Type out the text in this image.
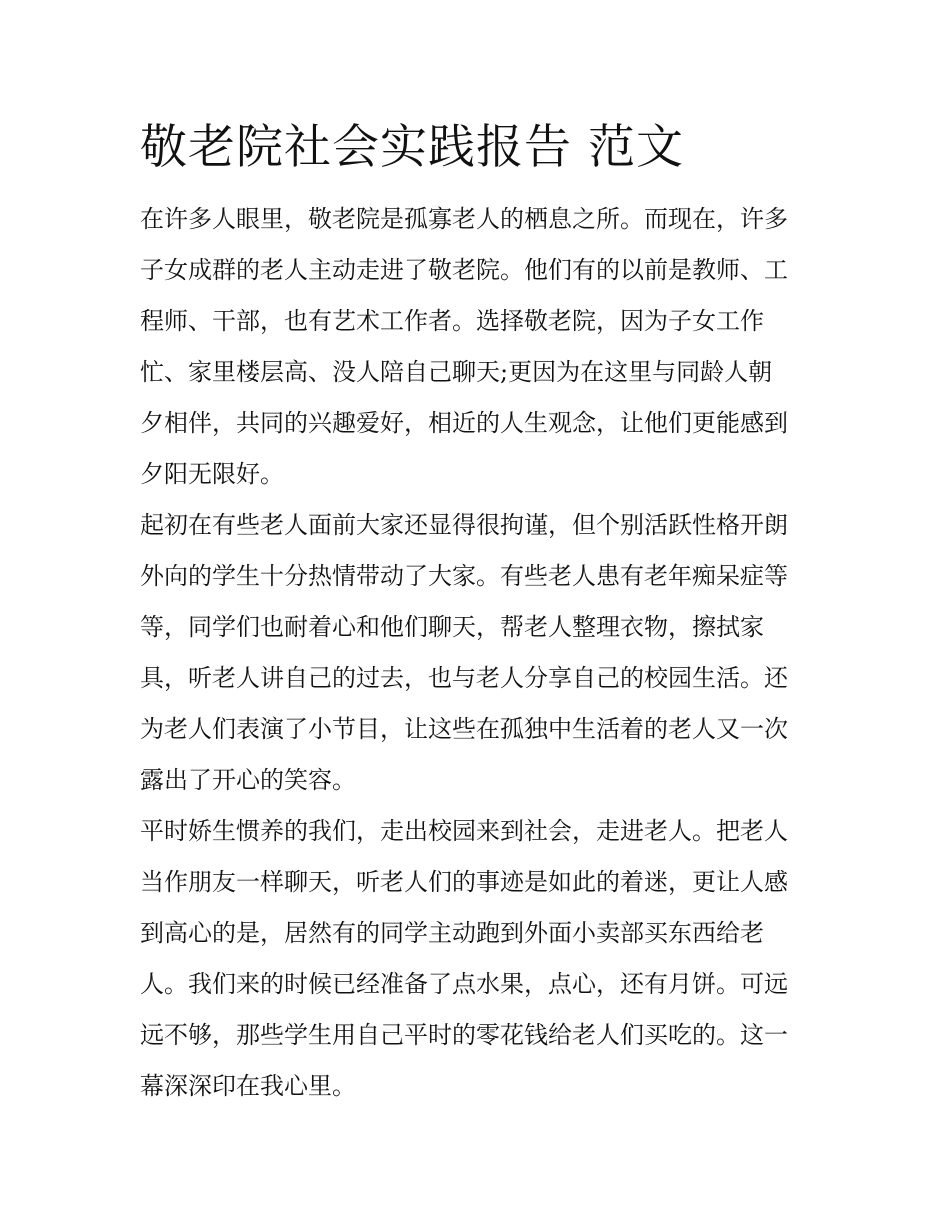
敬老院社会实践报告 范文
在许多人眼里，敬老院是孤寡老人的栖息之所。而现在，许多
子女成群的老人主动走进了敬老院。他们有的以前是教师、工
程师、干部，也有艺术工作者。选择敬老院，因为子女工作
忙、家里楼层高、没人陪自己聊天;更因为在这里与同龄人朝
夕相伴，共同的兴趣爱好，相近的人生观念，让他们更能感到
夕阳无限好。
起初在有些老人面前大家还显得很拘谨，但个别活跃性格开朗
外向的学生十分热情带动了大家。有些老人患有老年痴呆症等
等，同学们也耐着心和他们聊天，帮老人整理衣物，擦拭家
具，听老人讲自己的过去，也与老人分享自己的校园生活。还
为老人们表演了小节目，让这些在孤独中生活着的老人又一次
露出了开心的笑容。
平时娇生惯养的我们，走出校园来到社会，走进老人。把老人
当作朋友一样聊天，听老人们的事迹是如此的着迷，更让人感
到高心的是，居然有的同学主动跑到外面小卖部买东西给老
人。我们来的时候已经准备了点水果，点心，还有月饼。可远
远不够，那些学生用自己平时的零花钱给老人们买吃的。这一
幕深深印在我心里。
